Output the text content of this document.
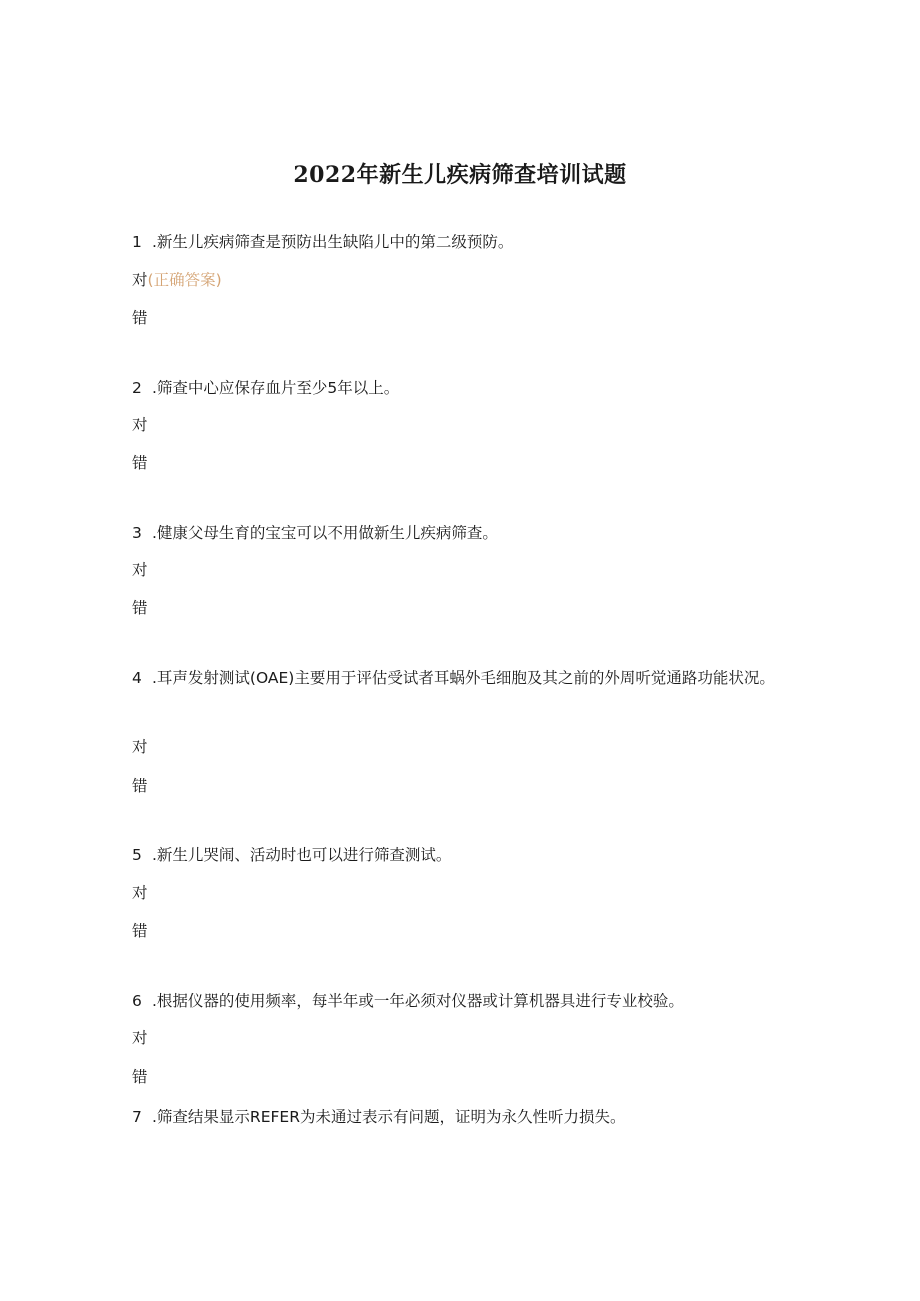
2022年新生儿疾病筛查培训试题
1 .新生儿疾病筛查是预防出生缺陷儿中的第二级预防。
对(正确答案)
错
2 .筛查中心应保存血片至少5年以上。
对
错
3 .健康父母生育的宝宝可以不用做新生儿疾病筛查。
对
错
4 .耳声发射测试(OAE)主要用于评估受试者耳蜗外毛细胞及其之前的外周听觉通路功能状况。
对
错
5 .新生儿哭闹、活动时也可以进行筛查测试。
对
错
6 .根据仪器的使用频率，每半年或一年必须对仪器或计算机器具进行专业校验。
对
错
7 .筛查结果显示REFER为未通过表示有问题，证明为永久性听力损失。
